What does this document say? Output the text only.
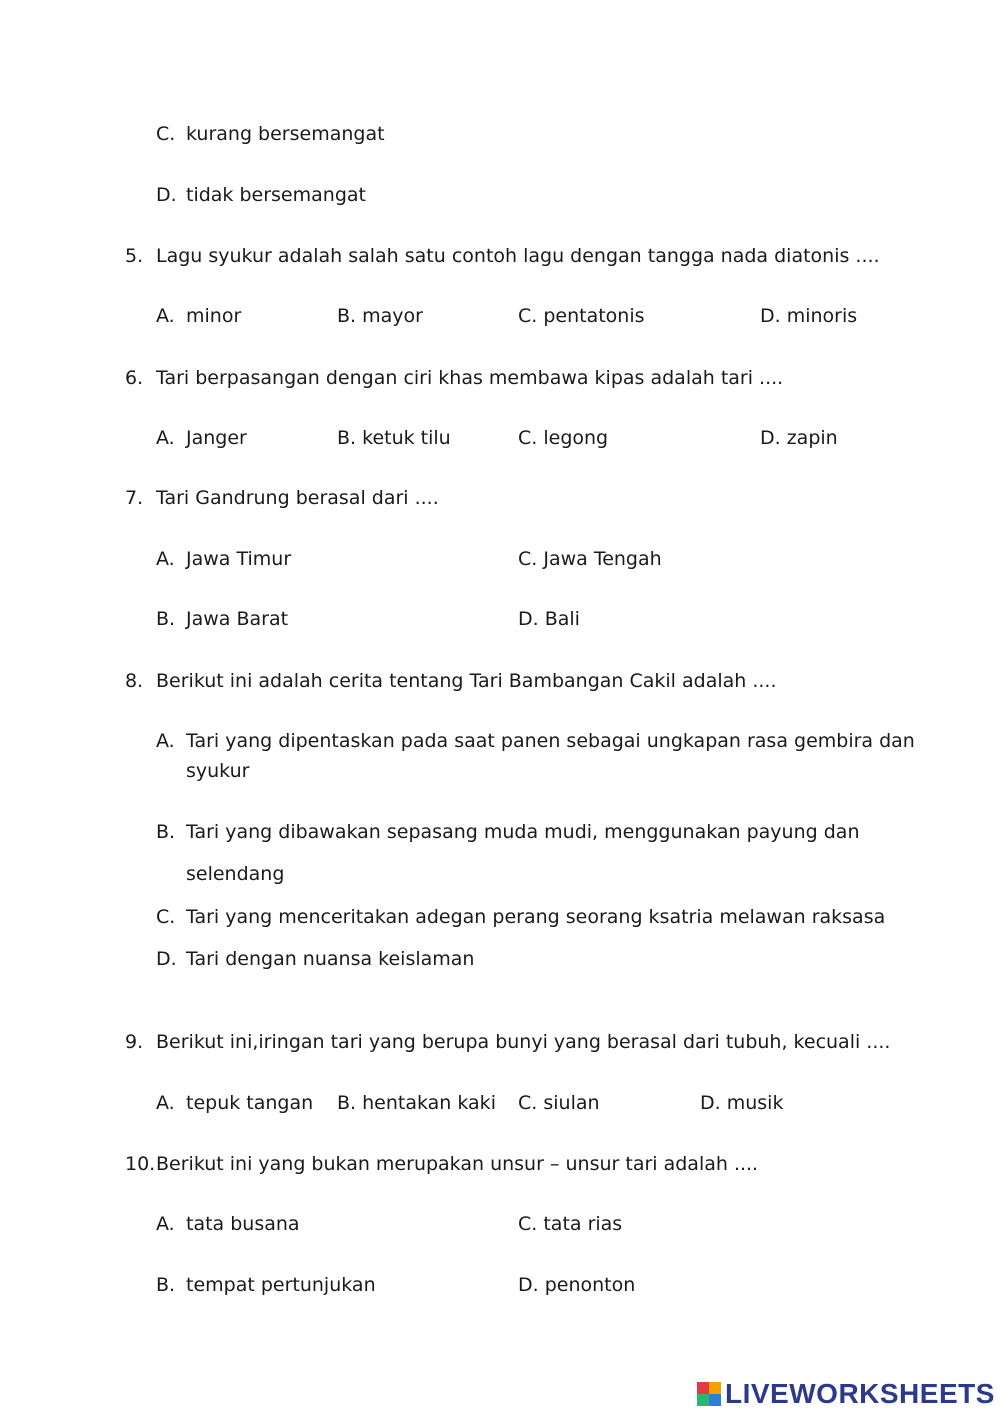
C. kurang bersemangat
D. tidak bersemangat
5. Lagu syukur adalah salah satu contoh lagu dengan tangga nada diatonis ....
A. minor	B. mayor	C. pentatonis	D. minoris
6. Tari berpasangan dengan ciri khas membawa kipas adalah tari ....
A. Janger	B. ketuk tilu	C. legong	D. zapin
7. Tari Gandrung berasal dari ....
A. Jawa Timur	C. Jawa Tengah
B. Jawa Barat	D. Bali
8. Berikut ini adalah cerita tentang Tari Bambangan Cakil adalah ....
A. Tari yang dipentaskan pada saat panen sebagai ungkapan rasa gembira dan
syukur
B. Tari yang dibawakan sepasang muda mudi, menggunakan payung dan
selendang
C. Tari yang menceritakan adegan perang seorang ksatria melawan raksasa
D. Tari dengan nuansa keislaman
9. Berikut ini,iringan tari yang berupa bunyi yang berasal dari tubuh, kecuali ....
A. tepuk tangan B. hentakan kaki C. siulan	D. musik
10. Berikut ini yang bukan merupakan unsur – unsur tari adalah ....
A. tata busana	C. tata rias
B. tempat pertunjukan	D. penonton
LIVEWORKSHEETS
